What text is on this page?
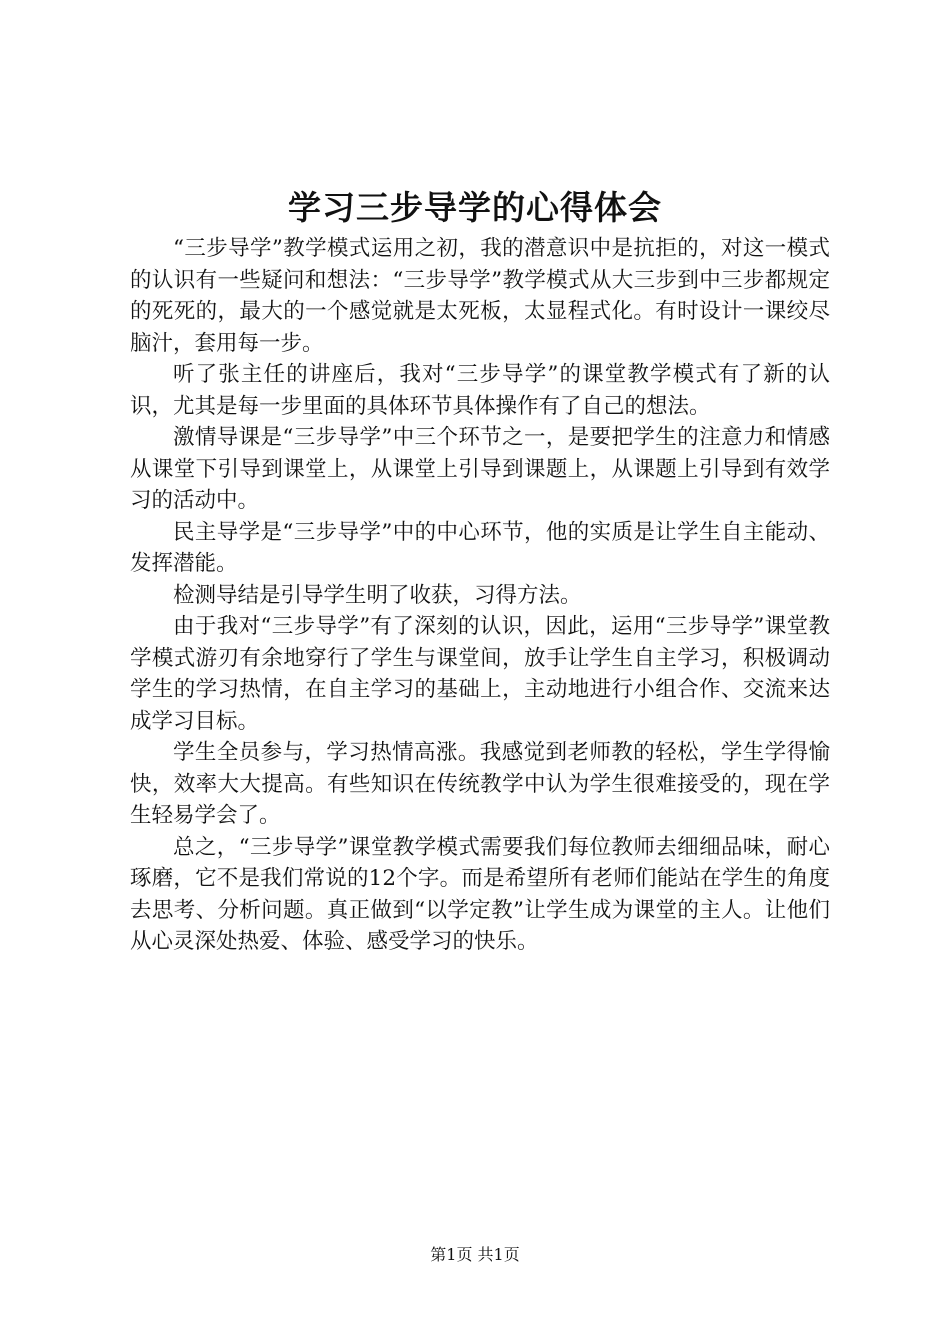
学习三步导学的心得体会

“三步导学”教学模式运用之初，我的潜意识中是抗拒的，对这一模式的认识有一些疑问和想法：“三步导学”教学模式从大三步到中三步都规定的死死的，最大的一个感觉就是太死板，太显程式化。有时设计一课绞尽脑汁，套用每一步。

听了张主任的讲座后，我对“三步导学”的课堂教学模式有了新的认识，尤其是每一步里面的具体环节具体操作有了自己的想法。

激情导课是“三步导学”中三个环节之一，是要把学生的注意力和情感从课堂下引导到课堂上，从课堂上引导到课题上，从课题上引导到有效学习的活动中。

民主导学是“三步导学”中的中心环节，他的实质是让学生自主能动、发挥潜能。

检测导结是引导学生明了收获，习得方法。

由于我对“三步导学”有了深刻的认识，因此，运用“三步导学”课堂教学模式游刃有余地穿行了学生与课堂间，放手让学生自主学习，积极调动学生的学习热情，在自主学习的基础上，主动地进行小组合作、交流来达成学习目标。

学生全员参与，学习热情高涨。我感觉到老师教的轻松，学生学得愉快，效率大大提高。有些知识在传统教学中认为学生很难接受的，现在学生轻易学会了。

总之，“三步导学”课堂教学模式需要我们每位教师去细细品味，耐心琢磨，它不是我们常说的12个字。而是希望所有老师们能站在学生的角度去思考、分析问题。真正做到“以学定教”让学生成为课堂的主人。让他们从心灵深处热爱、体验、感受学习的快乐。

第1页 共1页
